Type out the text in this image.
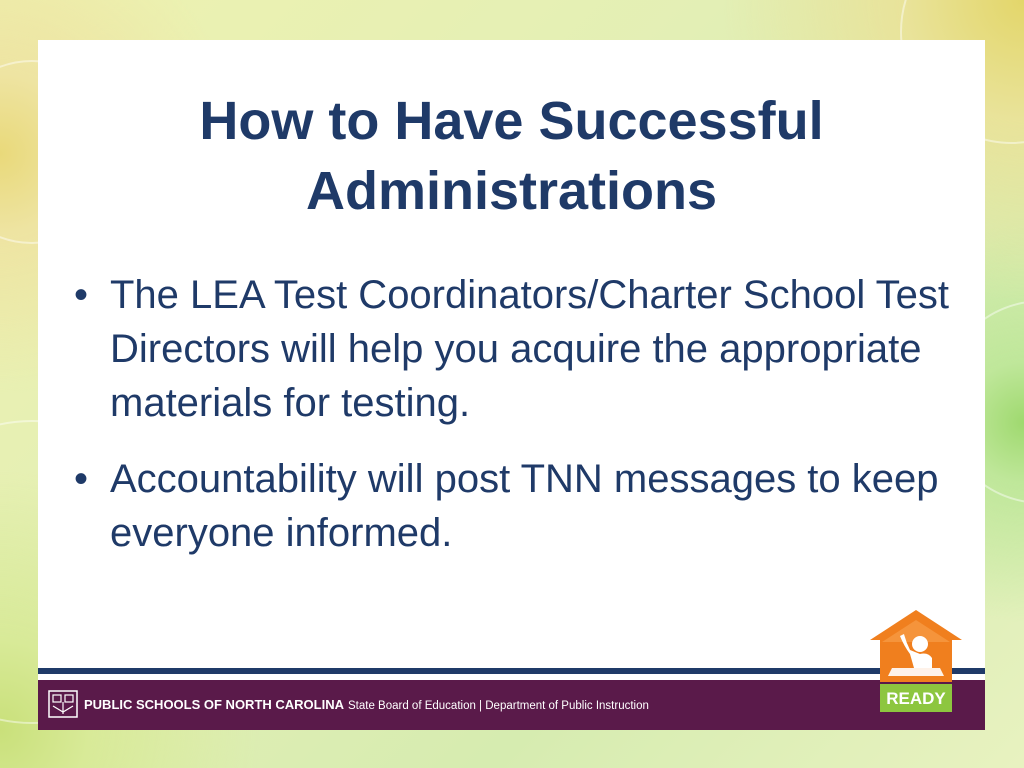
How to Have Successful
Administrations
• The LEA Test Coordinators/Charter School Test Directors will help you acquire the appropriate materials for testing.
• Accountability will post TNN messages to keep everyone informed.
PUBLIC SCHOOLS OF NORTH CAROLINA State Board of Education | Department of Public Instruction	READY
